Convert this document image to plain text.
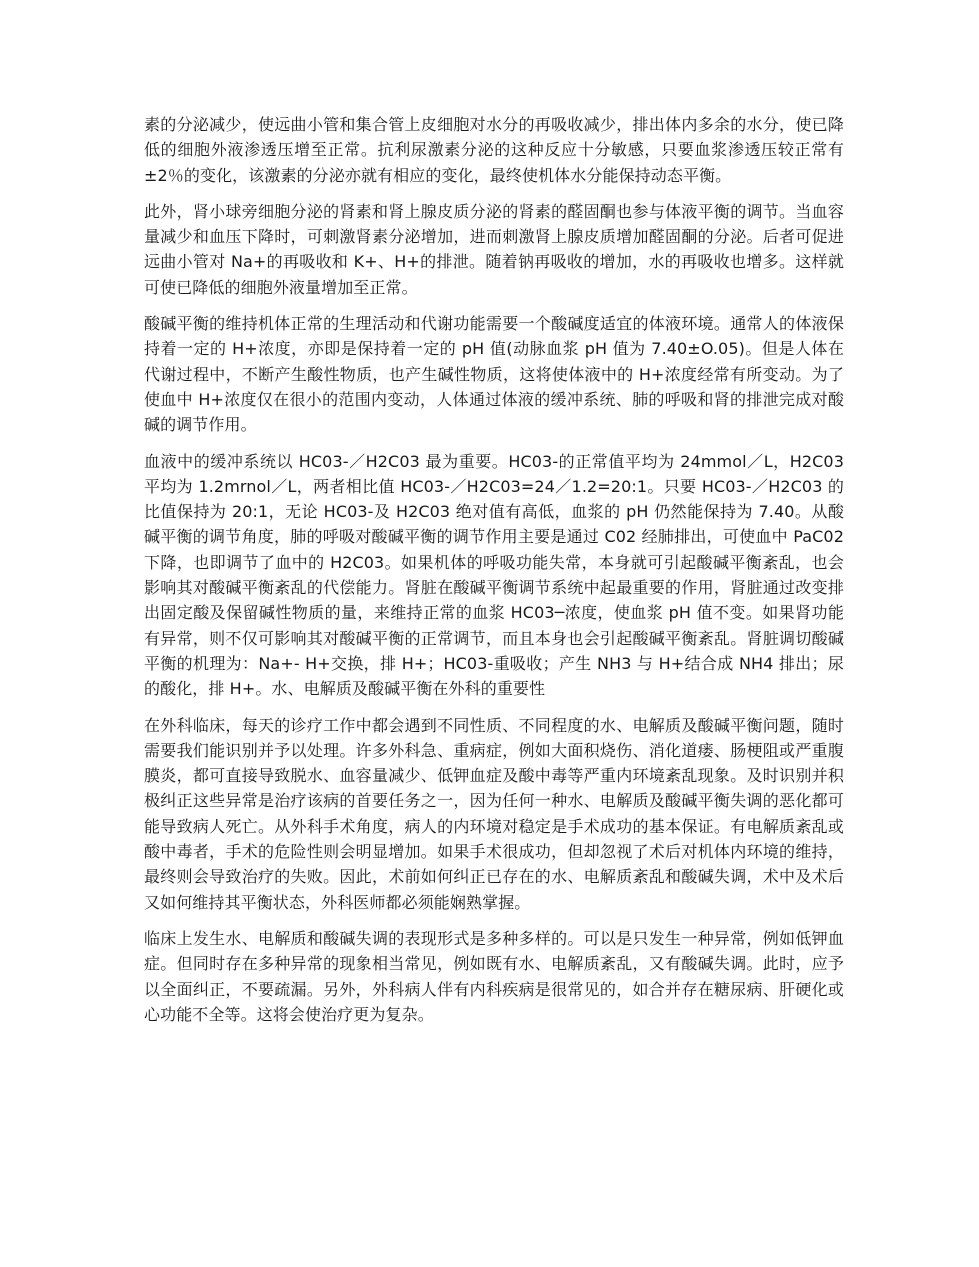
素的分泌减少，使远曲小管和集合管上皮细胞对水分的再吸收减少，排出体内多余的水分，使已降低的细胞外液渗透压增至正常。抗利尿激素分泌的这种反应十分敏感，只要血浆渗透压较正常有±2％的变化，该激素的分泌亦就有相应的变化，最终使机体水分能保持动态平衡。

此外，肾小球旁细胞分泌的肾素和肾上腺皮质分泌的肾素的醛固酮也参与体液平衡的调节。当血容量减少和血压下降时，可刺激肾素分泌增加，进而刺激肾上腺皮质增加醛固酮的分泌。后者可促进远曲小管对 Na+的再吸收和 K+、H+的排泄。随着钠再吸收的增加，水的再吸收也增多。这样就可使已降低的细胞外液量增加至正常。

酸碱平衡的维持机体正常的生理活动和代谢功能需要一个酸碱度适宜的体液环境。通常人的体液保持着一定的 H+浓度，亦即是保持着一定的 pH 值(动脉血浆 pH 值为 7.40±O.05)。但是人体在代谢过程中，不断产生酸性物质，也产生碱性物质，这将使体液中的 H+浓度经常有所变动。为了使血中 H+浓度仅在很小的范围内变动，人体通过体液的缓冲系统、肺的呼吸和肾的排泄完成对酸碱的调节作用。

血液中的缓冲系统以 HC03-／H2C03 最为重要。HC03-的正常值平均为 24mmol／L，H2C03 平均为 1.2mrnol／L，两者相比值 HC03-／H2C03=24／1.2=20:1。只要 HC03-／H2C03 的比值保持为 20:1，无论 HC03-及 H2C03 绝对值有高低，血浆的 pH 仍然能保持为 7.40。从酸碱平衡的调节角度，肺的呼吸对酸碱平衡的调节作用主要是通过 C02 经肺排出，可使血中 PaC02 下降，也即调节了血中的 H2C03。如果机体的呼吸功能失常，本身就可引起酸碱平衡紊乱，也会影响其对酸碱平衡紊乱的代偿能力。肾脏在酸碱平衡调节系统中起最重要的作用，肾脏通过改变排出固定酸及保留碱性物质的量，来维持正常的血浆 HC03─浓度，使血浆 pH 值不变。如果肾功能有异常，则不仅可影响其对酸碱平衡的正常调节，而且本身也会引起酸碱平衡紊乱。肾脏调切酸碱平衡的机理为：Na+- H+交换，排 H+；HC03-重吸收；产生 NH3 与 H+结合成 NH4 排出；尿的酸化，排 H+。水、电解质及酸碱平衡在外科的重要性

在外科临床，每天的诊疗工作中都会遇到不同性质、不同程度的水、电解质及酸碱平衡问题，随时需要我们能识别并予以处理。许多外科急、重病症，例如大面积烧伤、消化道瘘、肠梗阻或严重腹膜炎，都可直接导致脱水、血容量减少、低钾血症及酸中毒等严重内环境紊乱现象。及时识别并积极纠正这些异常是治疗该病的首要任务之一，因为任何一种水、电解质及酸碱平衡失调的恶化都可能导致病人死亡。从外科手术角度，病人的内环境对稳定是手术成功的基本保证。有电解质紊乱或酸中毒者，手术的危险性则会明显增加。如果手术很成功，但却忽视了术后对机体内环境的维持，最终则会导致治疗的失败。因此，术前如何纠正已存在的水、电解质紊乱和酸碱失调，术中及术后又如何维持其平衡状态，外科医师都必须能娴熟掌握。

临床上发生水、电解质和酸碱失调的表现形式是多种多样的。可以是只发生一种异常，例如低钾血症。但同时存在多种异常的现象相当常见，例如既有水、电解质紊乱，又有酸碱失调。此时，应予以全面纠正，不要疏漏。另外，外科病人伴有内科疾病是很常见的，如合并存在糖尿病、肝硬化或心功能不全等。这将会使治疗更为复杂。
